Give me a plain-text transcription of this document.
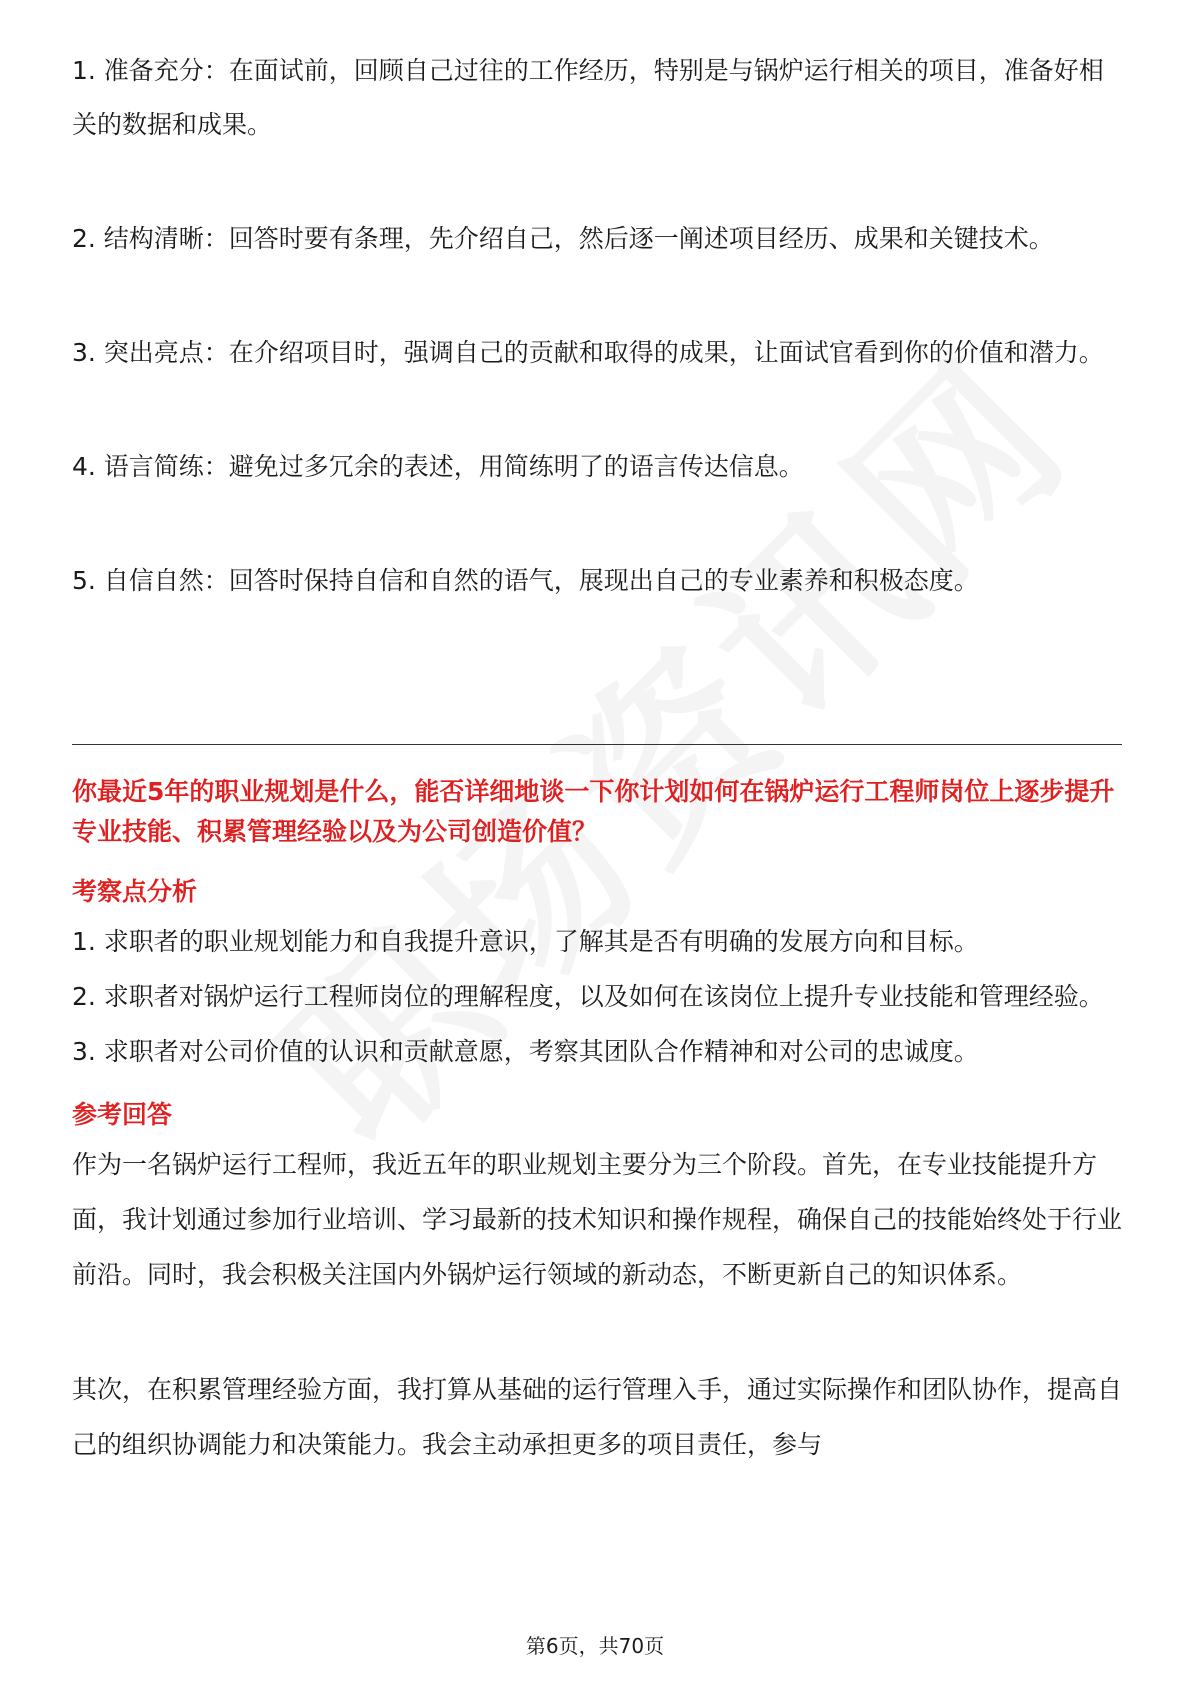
1. 准备充分：在面试前，回顾自己过往的工作经历，特别是与锅炉运行相关的项目，准备好相关的数据和成果。

2. 结构清晰：回答时要有条理，先介绍自己，然后逐一阐述项目经历、成果和关键技术。

3. 突出亮点：在介绍项目时，强调自己的贡献和取得的成果，让面试官看到你的价值和潜力。

4. 语言简练：避免过多冗余的表述，用简练明了的语言传达信息。

5. 自信自然：回答时保持自信和自然的语气，展现出自己的专业素养和积极态度。

你最近5年的职业规划是什么，能否详细地谈一下你计划如何在锅炉运行工程师岗位上逐步提升专业技能、积累管理经验以及为公司创造价值？

考察点分析

1. 求职者的职业规划能力和自我提升意识，了解其是否有明确的发展方向和目标。

2. 求职者对锅炉运行工程师岗位的理解程度，以及如何在该岗位上提升专业技能和管理经验。

3. 求职者对公司价值的认识和贡献意愿，考察其团队合作精神和对公司的忠诚度。

参考回答

作为一名锅炉运行工程师，我近五年的职业规划主要分为三个阶段。首先，在专业技能提升方面，我计划通过参加行业培训、学习最新的技术知识和操作规程，确保自己的技能始终处于行业前沿。同时，我会积极关注国内外锅炉运行领域的新动态，不断更新自己的知识体系。

其次，在积累管理经验方面，我打算从基础的运行管理入手，通过实际操作和团队协作，提高自己的组织协调能力和决策能力。我会主动承担更多的项目责任，参与

第6页，共70页
